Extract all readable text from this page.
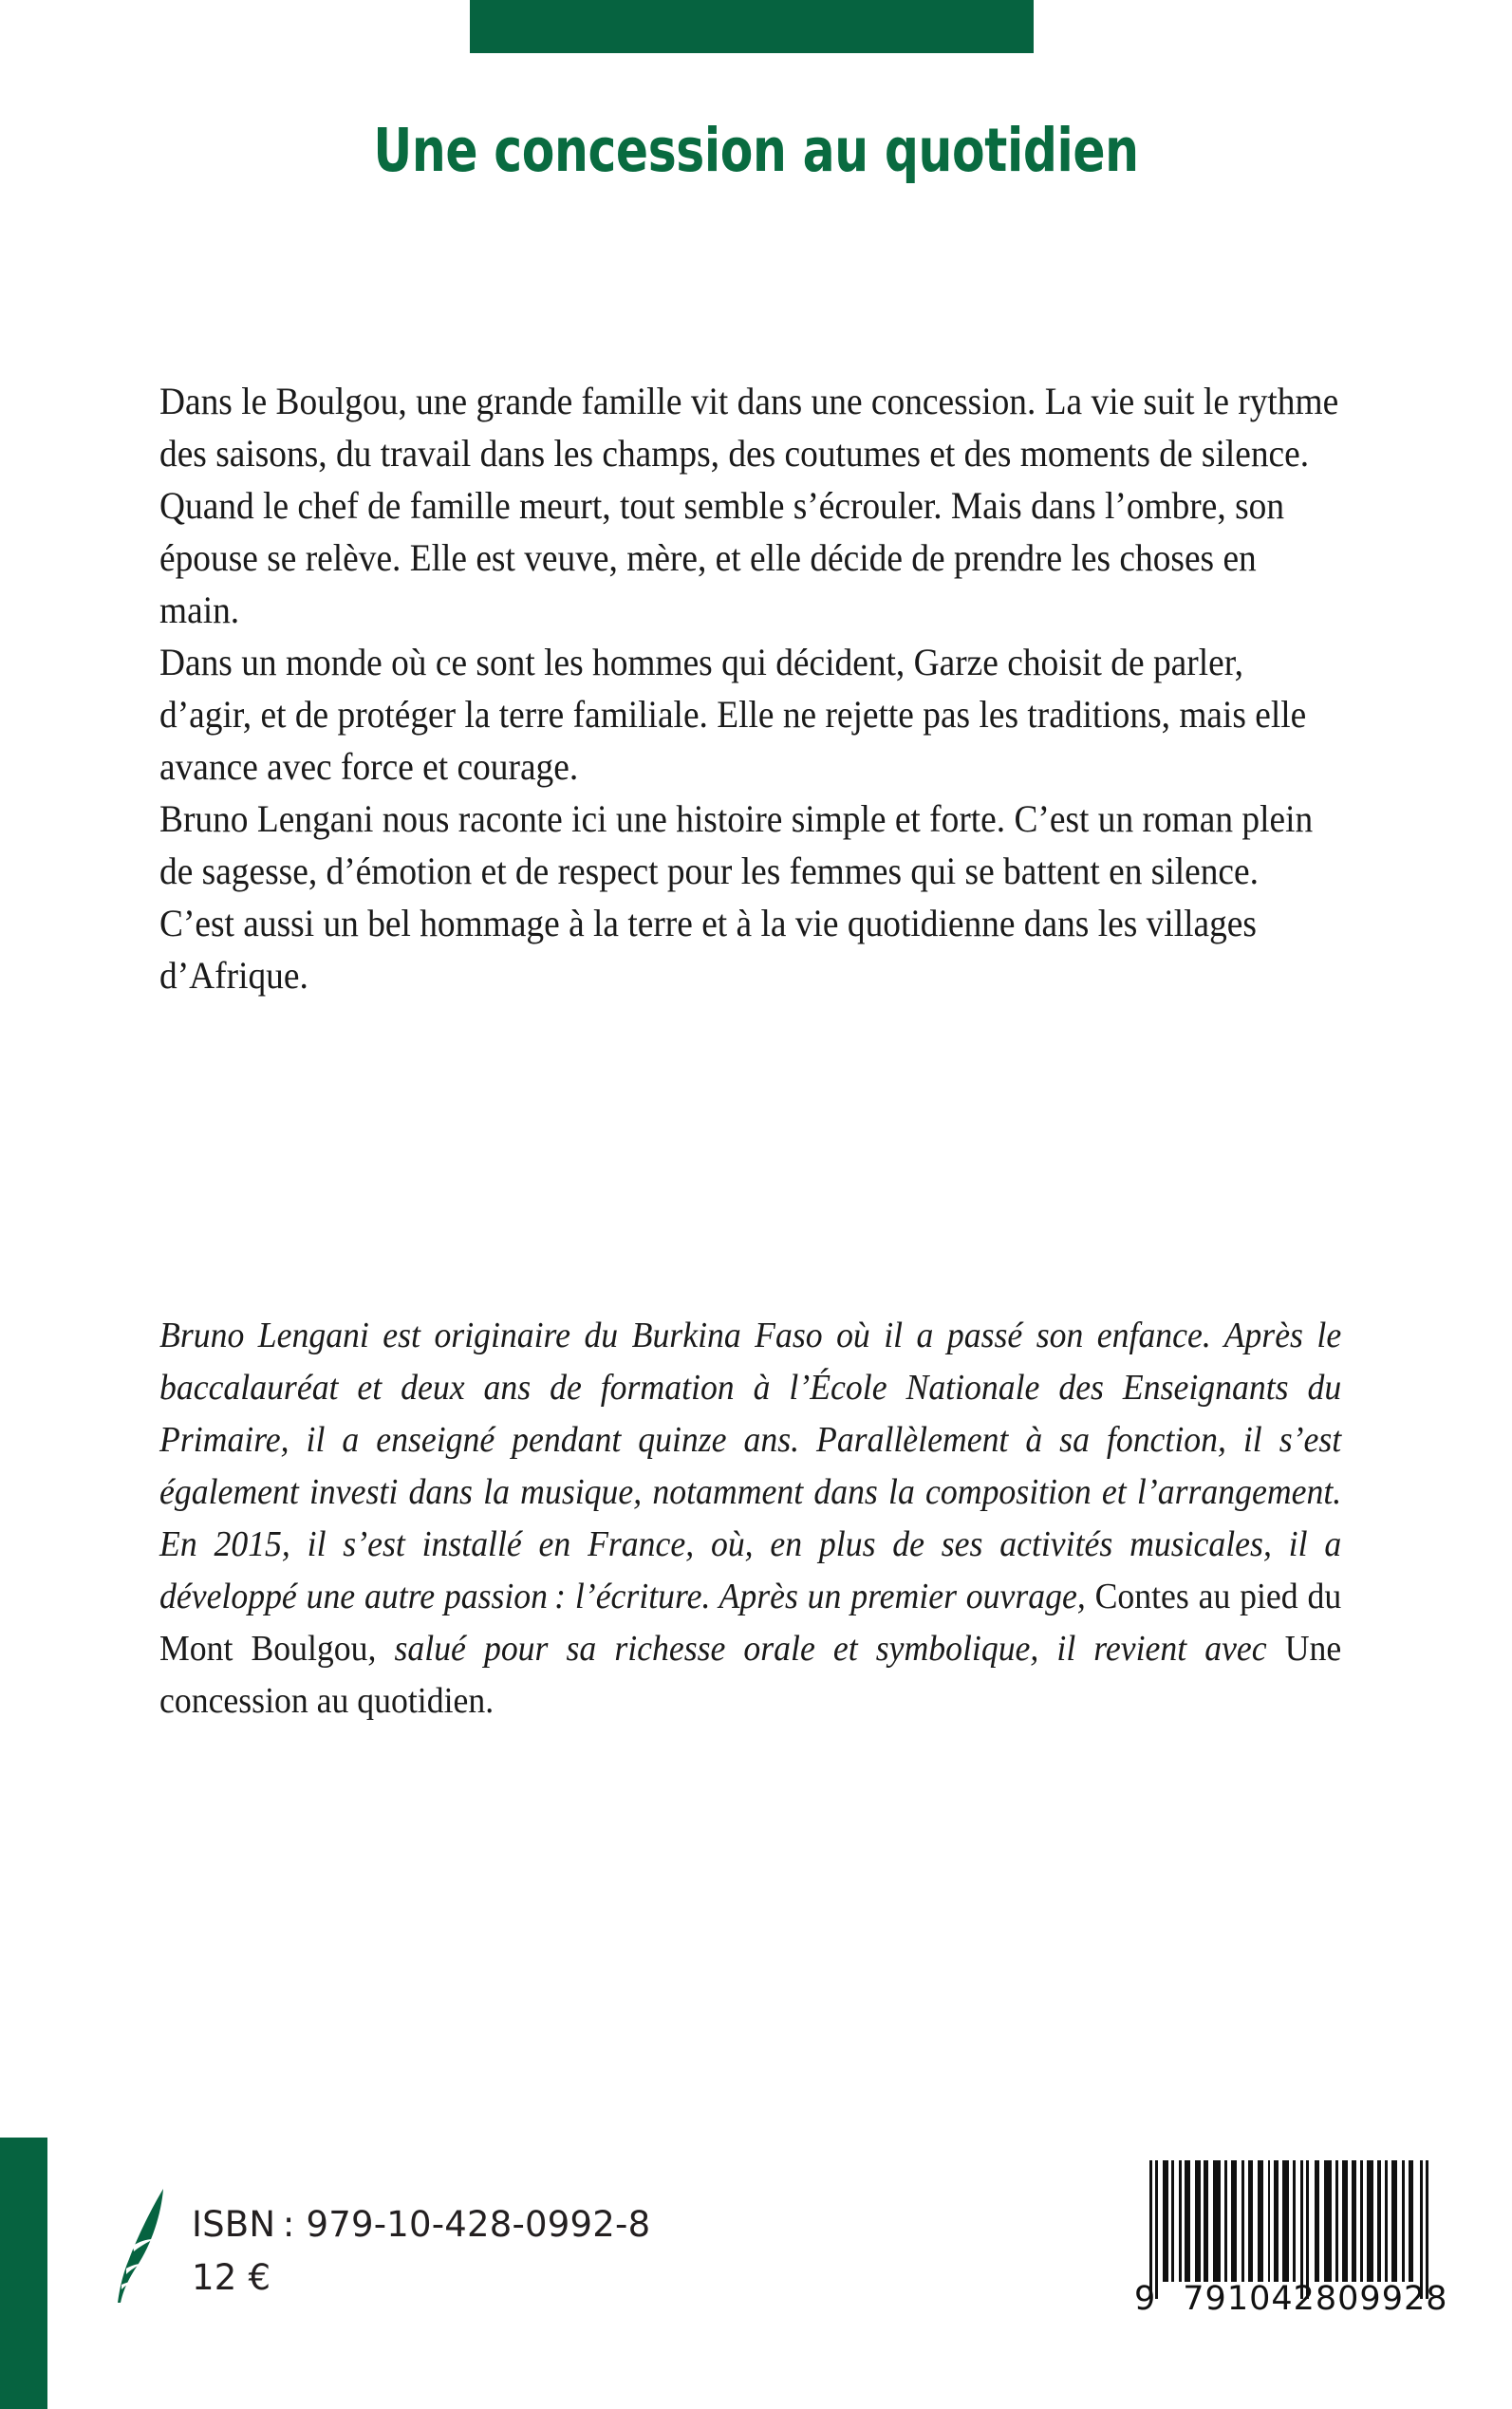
Une concession au quotidien

Dans le Boulgou, une grande famille vit dans une concession. La vie suit le rythme des saisons, du travail dans les champs, des coutumes et des moments de silence.

Quand le chef de famille meurt, tout semble s’écrouler. Mais dans l’ombre, son épouse se relève. Elle est veuve, mère, et elle décide de prendre les choses en main.

Dans un monde où ce sont les hommes qui décident, Garze choisit de parler, d’agir, et de protéger la terre familiale. Elle ne rejette pas les traditions, mais elle avance avec force et courage.

Bruno Lengani nous raconte ici une histoire simple et forte. C’est un roman plein de sagesse, d’émotion et de respect pour les femmes qui se battent en silence.

C’est aussi un bel hommage à la terre et à la vie quotidienne dans les villages d’Afrique.

Bruno Lengani est originaire du Burkina Faso où il a passé son enfance. Après le baccalauréat et deux ans de formation à l’École Nationale des Enseignants du Primaire, il a enseigné pendant quinze ans. Parallèlement à sa fonction, il s’est également investi dans la musique, notamment dans la composition et l’arrangement. En 2015, il s’est installé en France, où, en plus de ses activités musicales, il a développé une autre passion : l’écriture. Après un premier ouvrage, Contes au pied du Mont Boulgou, salué pour sa richesse orale et symbolique, il revient avec Une concession au quotidien.

ISBN : 979-10-428-0992-8
12 €
9 791042 809928
